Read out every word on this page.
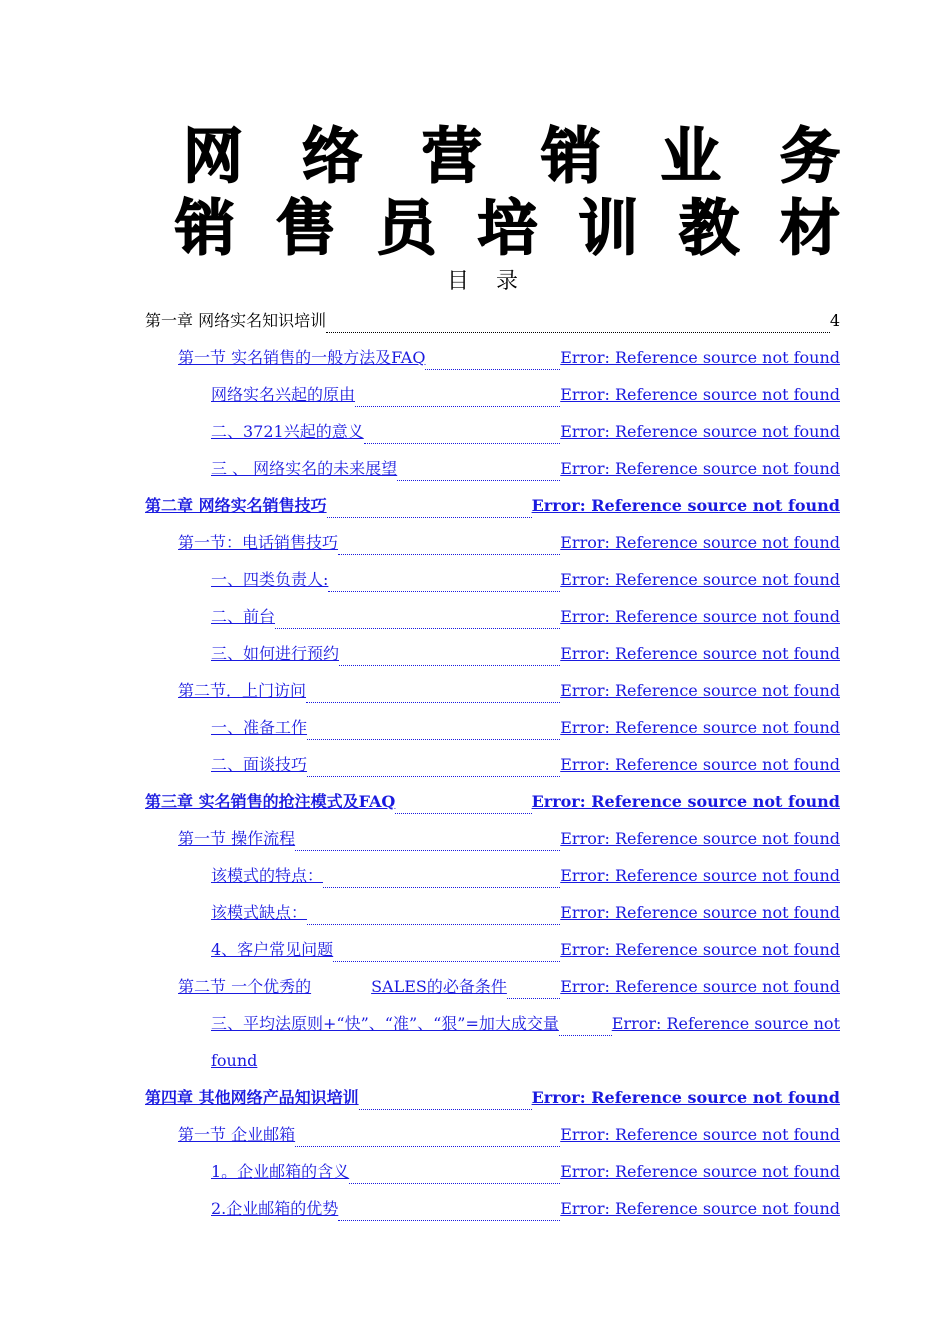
网 络 营 销 业 务
销 售 员 培 训 教 材
目 录
第一章 网络实名知识培训	4
第一节 实名销售的一般方法及FAQ	Error: Reference source not found
网络实名兴起的原由	Error: Reference source not found
二、3721兴起的意义	Error: Reference source not found
三 、 网络实名的未来展望	Error: Reference source not found
第二章 网络实名销售技巧	Error: Reference source not found
第一节：电话销售技巧	Error: Reference source not found
一、四类负责人:	Error: Reference source not found
二、前台	Error: Reference source not found
三、如何进行预约	Error: Reference source not found
第二节．上门访问	Error: Reference source not found
一、准备工作	Error: Reference source not found
二、面谈技巧	Error: Reference source not found
第三章 实名销售的抢注模式及FAQ	Error: Reference source not found
第一节 操作流程	Error: Reference source not found
该模式的特点：	Error: Reference source not found
该模式缺点：	Error: Reference source not found
4、客户常见问题	Error: Reference source not found
第二节 一个优秀的	SALES的必备条件	Error: Reference source not found
三、平均法原则+“快”、“准”、“狠”=加大成交量	Error: Reference source not
found
第四章 其他网络产品知识培训	Error: Reference source not found
第一节 企业邮箱	Error: Reference source not found
1。企业邮箱的含义	Error: Reference source not found
2.企业邮箱的优势	Error: Reference source not found
